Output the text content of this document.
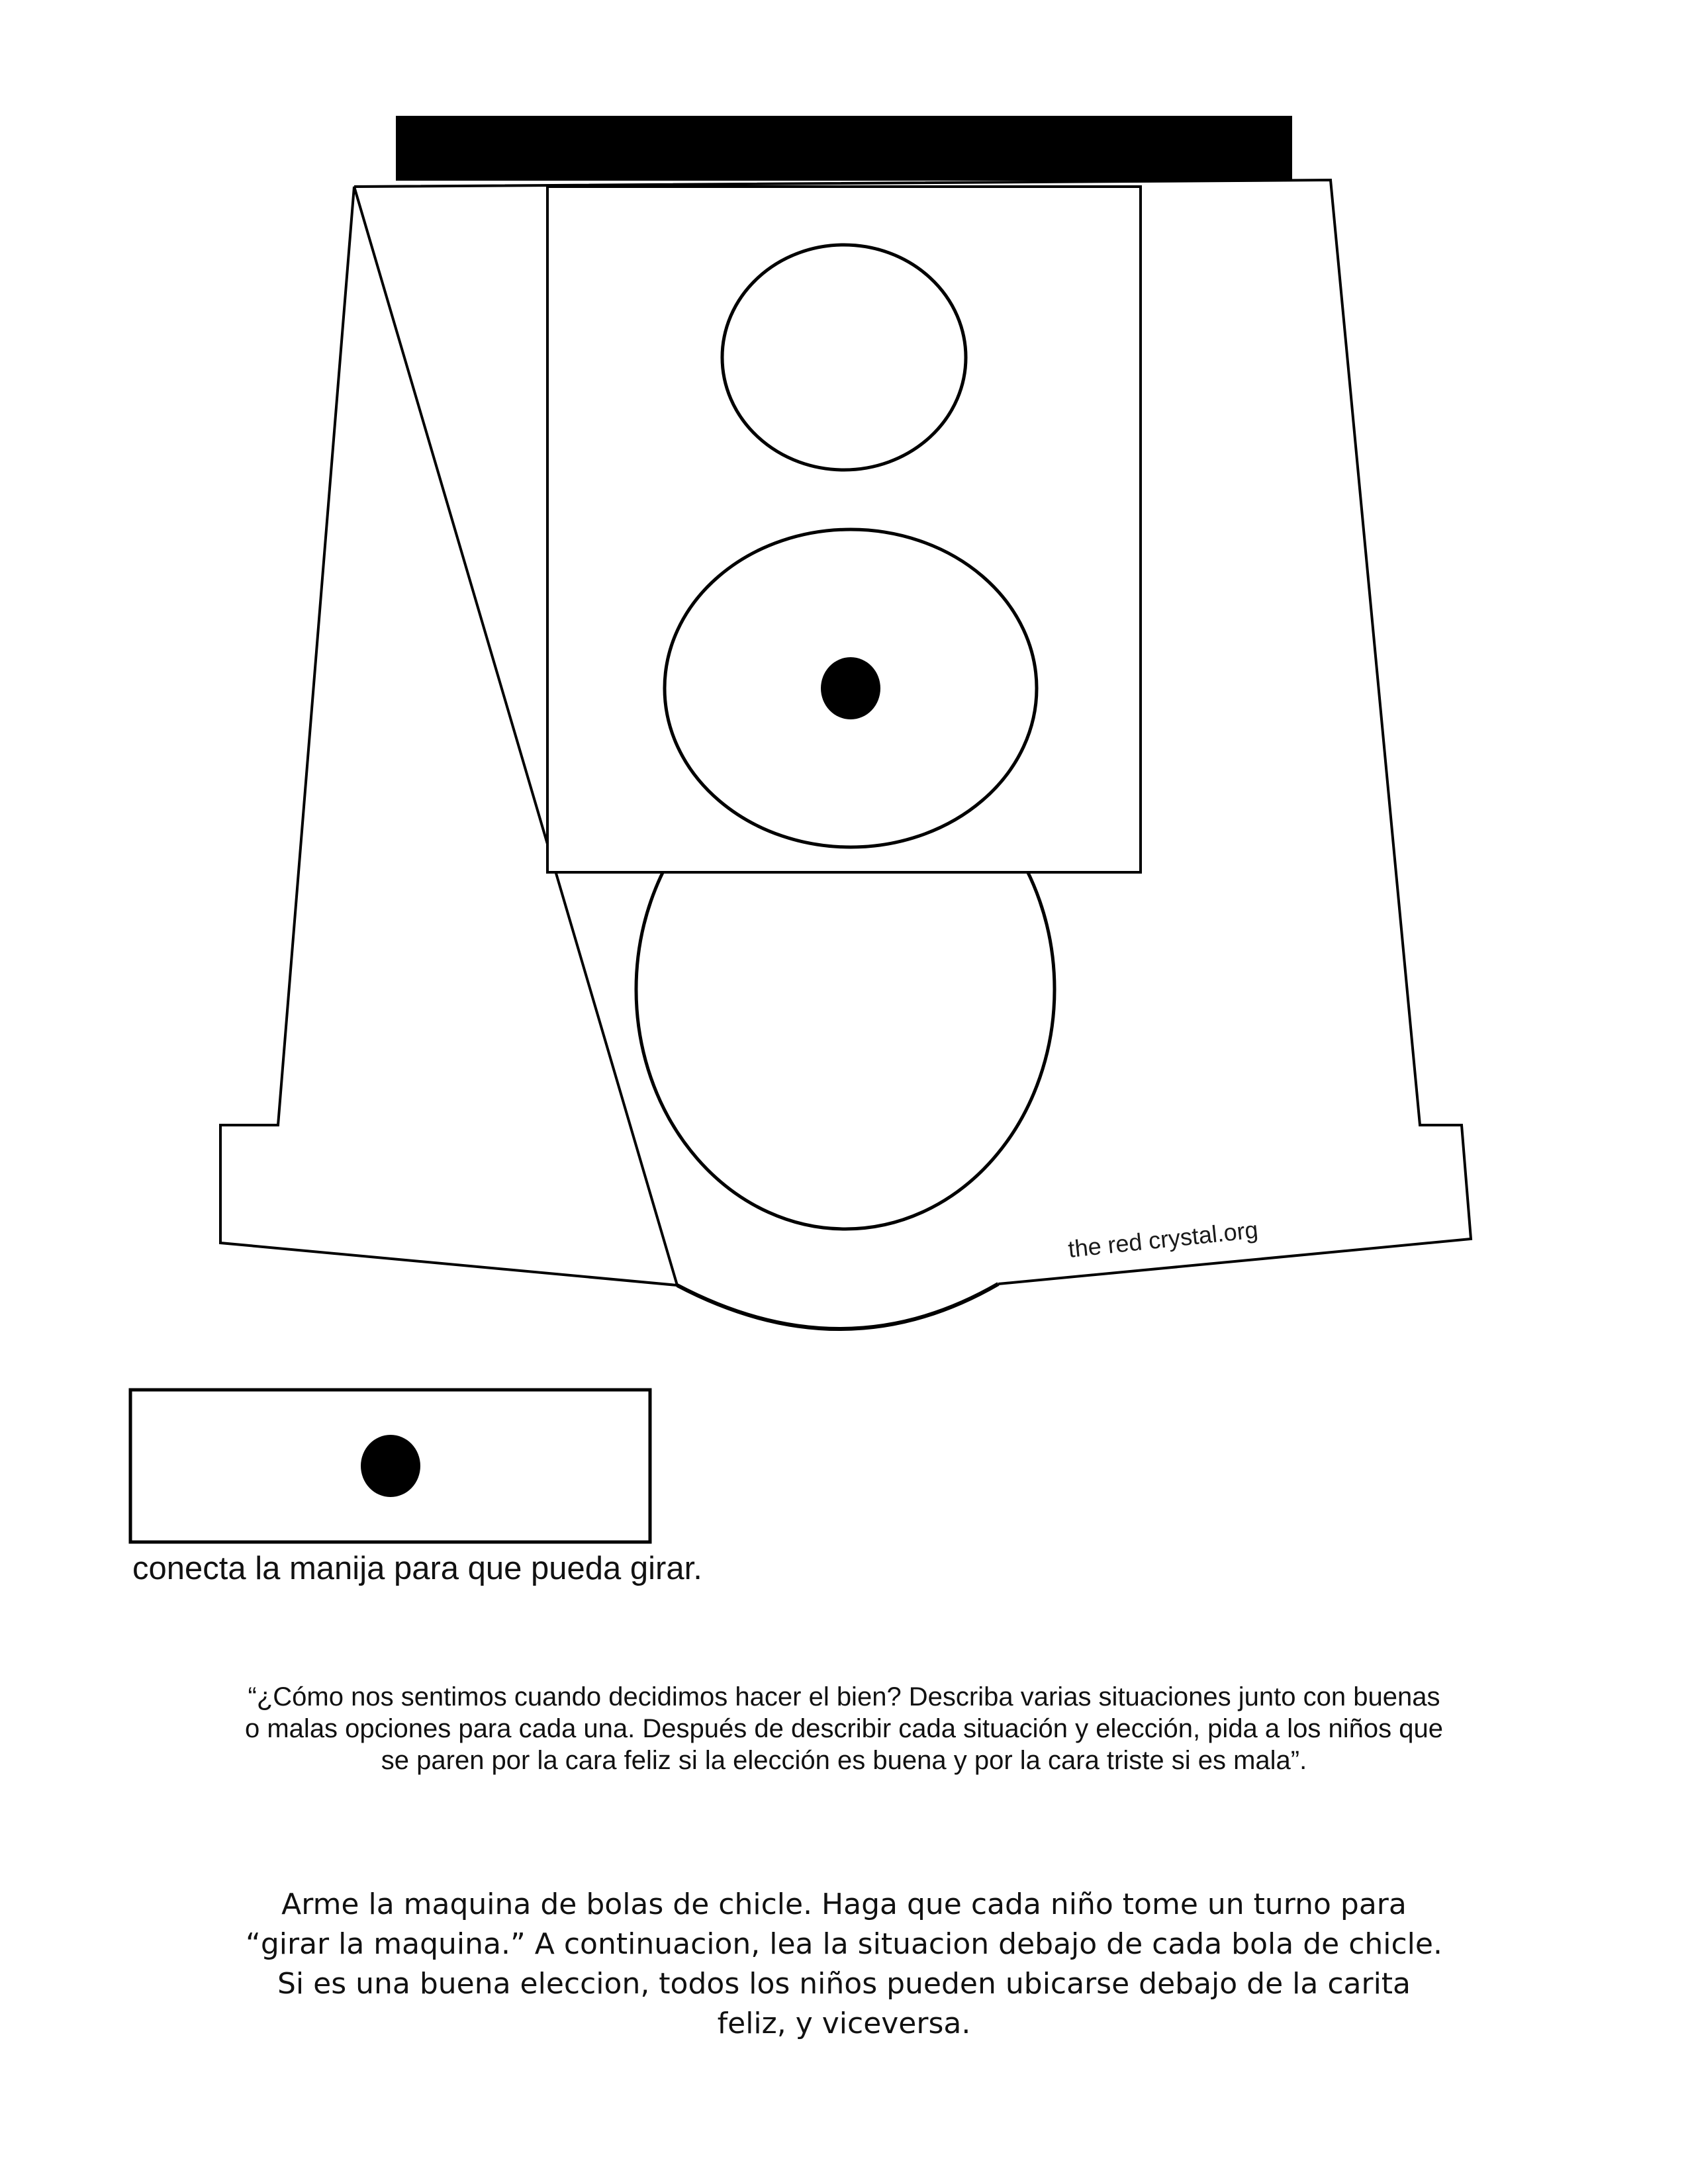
the red crystal.org
conecta la manija para que pueda girar.
“¿Cómo nos sentimos cuando decidimos hacer el bien? Describa varias situaciones junto con buenas
o malas opciones para cada una. Después de describir cada situación y elección, pida a los niños que
se paren por la cara feliz si la elección es buena y por la cara triste si es mala”.
Arme la maquina de bolas de chicle. Haga que cada niño tome un turno para
“girar la maquina.” A continuacion, lea la situacion debajo de cada bola de chicle.
Si es una buena eleccion, todos los niños pueden ubicarse debajo de la carita
feliz, y viceversa.
